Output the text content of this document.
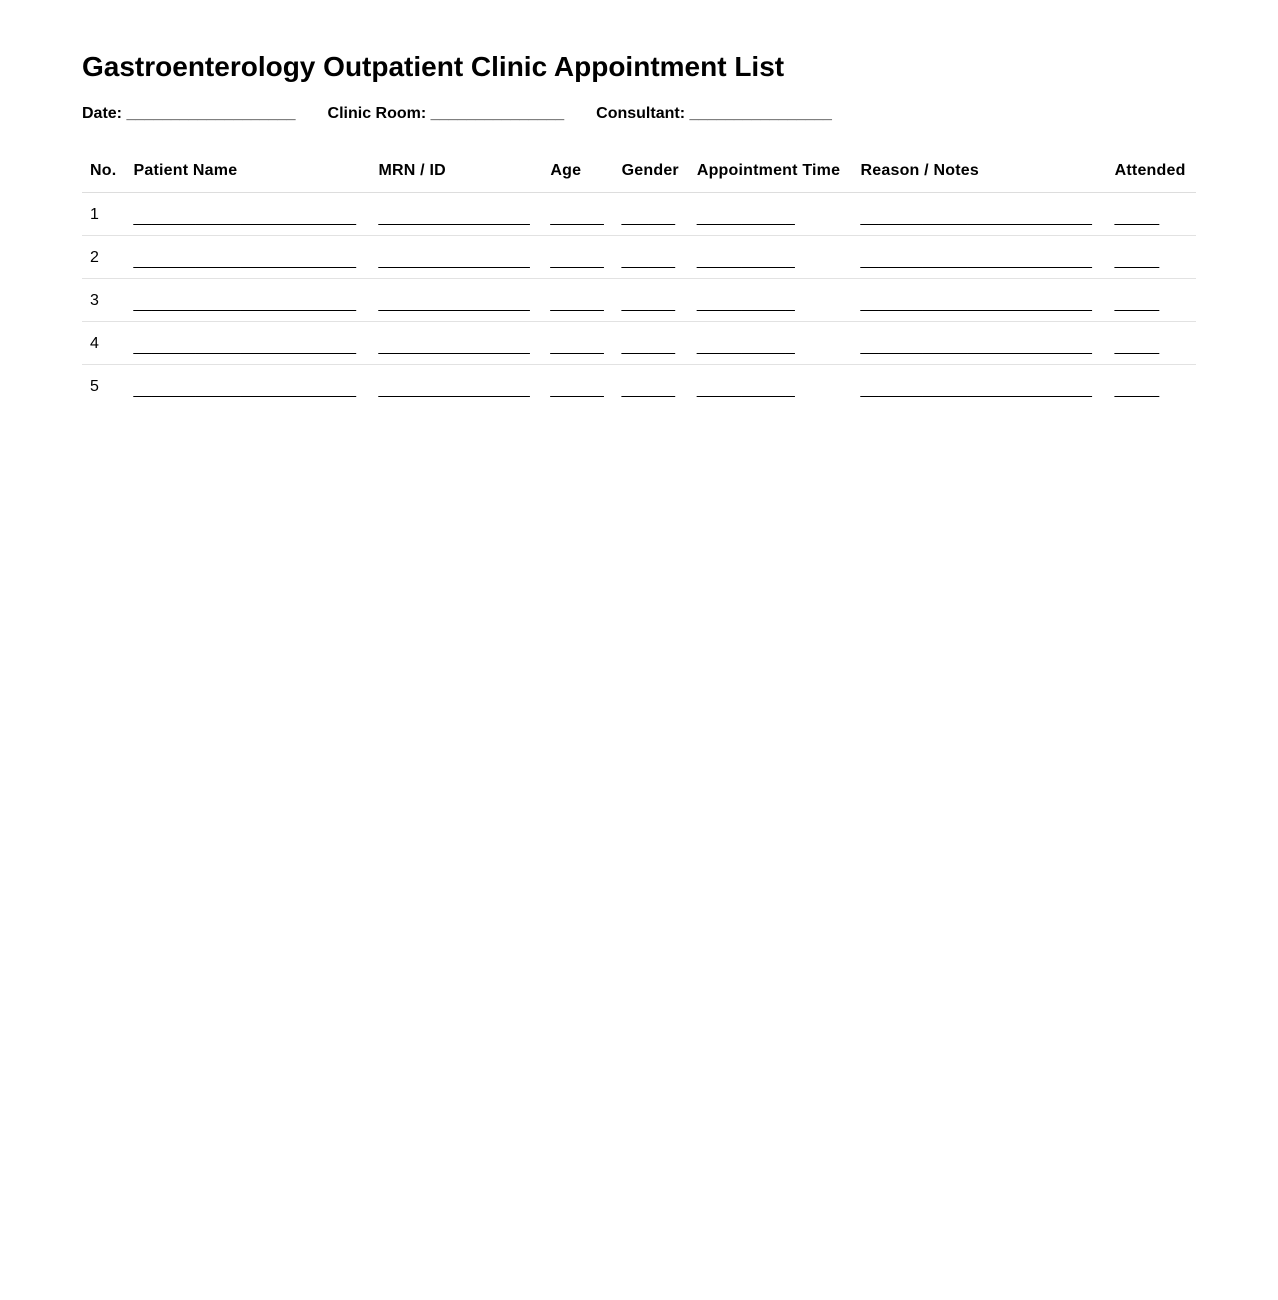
Gastroenterology Outpatient Clinic Appointment List
Date: ___________________ Clinic Room: _______________ Consultant: ________________
No.	Patient Name	MRN / ID	Age	Gender	Appointment Time	Reason / Notes	Attended
1	_________________________	_________________	______	______	___________	__________________________	_____
2	_________________________	_________________	______	______	___________	__________________________	_____
3	_________________________	_________________	______	______	___________	__________________________	_____
4	_________________________	_________________	______	______	___________	__________________________	_____
5	_________________________	_________________	______	______	___________	__________________________	_____
